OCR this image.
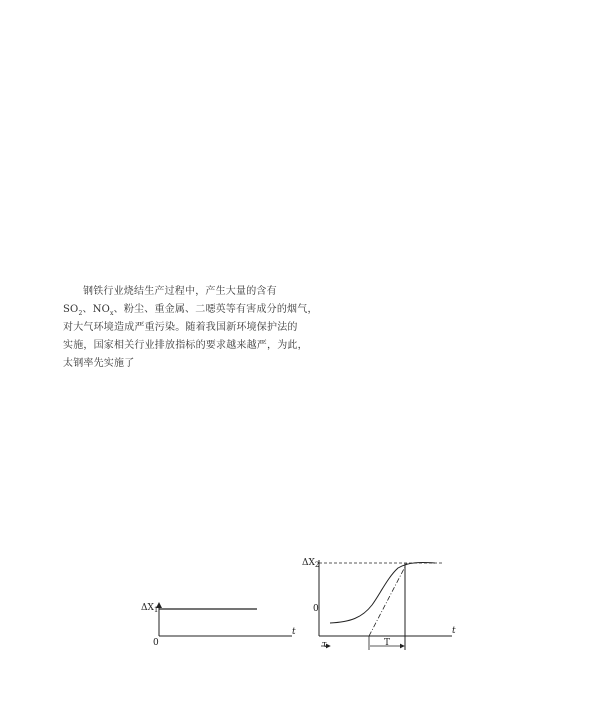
钢铁行业烧结生产过程中，产生大量的含有
$SO_2$、$NO_x$、粉尘、重金属、二噁英等有害成分的烟气，
对大气环境造成严重污染。随着我国新环境保护法的
实施，国家相关行业排放指标的要求越来越严，为此，
太钢率先实施了
$\Delta X_1$
0
t
$\Delta X_2$
0
t
τ	T
